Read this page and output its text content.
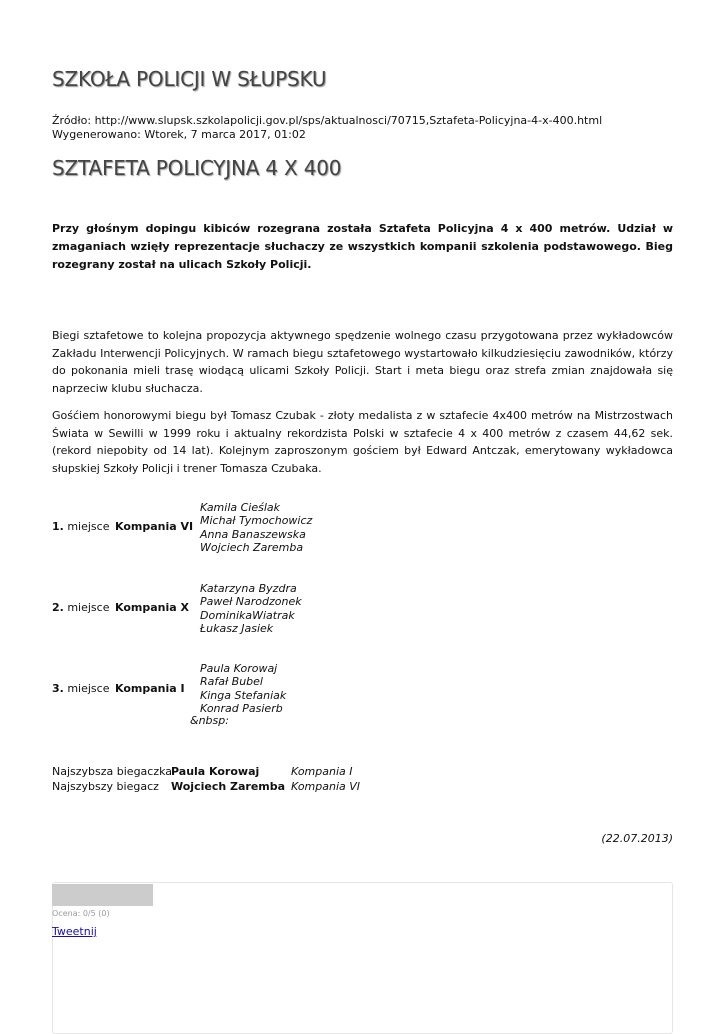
SZKOŁA POLICJI W SŁUPSKU
Źródło: http://www.slupsk.szkolapolicji.gov.pl/sps/aktualnosci/70715,Sztafeta-Policyjna-4-x-400.html
Wygenerowano: Wtorek, 7 marca 2017, 01:02
SZTAFETA POLICYJNA 4 X 400

Przy głośnym dopingu kibiców rozegrana została Sztafeta Policyjna 4 x 400 metrów. Udział w zmaganiach wzięły reprezentacje słuchaczy ze wszystkich kompanii szkolenia podstawowego. Bieg rozegrany został na ulicach Szkoły Policji.

Biegi sztafetowe to kolejna propozycja aktywnego spędzenie wolnego czasu przygotowana przez wykładowców Zakładu Interwencji Policyjnych. W ramach biegu sztafetowego wystartowało kilkudziesięciu zawodników, którzy do pokonania mieli trasę wiodącą ulicami Szkoły Policji. Start i meta biegu oraz strefa zmian znajdowała się naprzeciw klubu słuchacza.

Gośćiem honorowymi biegu był Tomasz Czubak - złoty medalista z w sztafecie 4x400 metrów na Mistrzostwach Świata w Sewilli w 1999 roku i aktualny rekordzista Polski w sztafecie 4 x 400 metrów z czasem 44,62 sek. (rekord niepobity od 14 lat). Kolejnym zaproszonym gościem był Edward Antczak, emerytowany wykładowca słupskiej Szkoły Policji i trener Tomasza Czubaka.

1. miejsce Kompania VI
Kamila Cieślak
Michał Tymochowicz
Anna Banaszewska
Wojciech Zaremba
2. miejsce Kompania X
Katarzyna Byzdra
Paweł Narodzonek
DominikaWiatrak
Łukasz Jasiek
3. miejsce Kompania I
Paula Korowaj
Rafał Bubel
Kinga Stefaniak
Konrad Pasierb
&nbsp:
Najszybsza biegaczka
Paula Korowaj	Kompania I
Najszybszy biegacz Wojciech Zaremba Kompania VI
(22.07.2013)
Ocena: 0/5 (0)
Tweetnij
